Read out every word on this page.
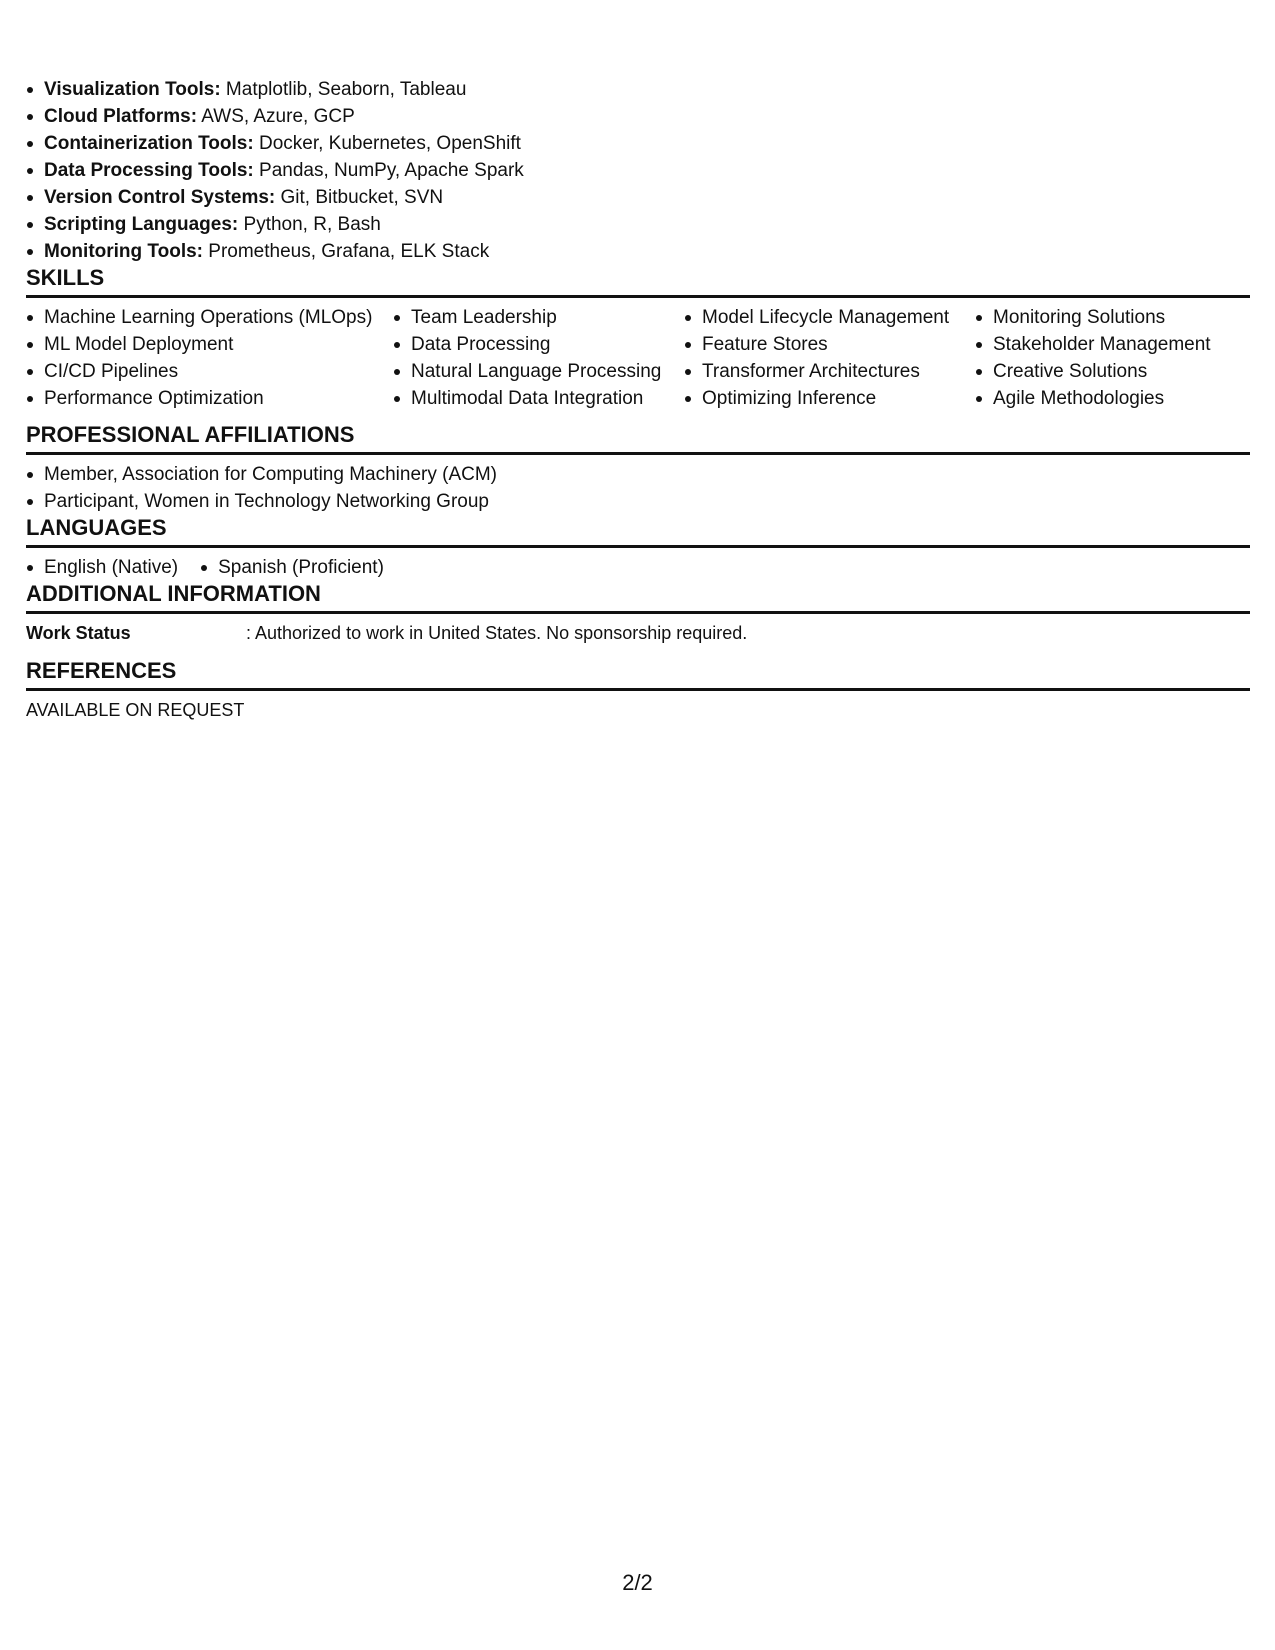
Visualization Tools: Matplotlib, Seaborn, Tableau
Cloud Platforms: AWS, Azure, GCP
Containerization Tools: Docker, Kubernetes, OpenShift
Data Processing Tools: Pandas, NumPy, Apache Spark
Version Control Systems: Git, Bitbucket, SVN
Scripting Languages: Python, R, Bash
Monitoring Tools: Prometheus, Grafana, ELK Stack
SKILLS
Machine Learning Operations (MLOps)
ML Model Deployment
CI/CD Pipelines
Performance Optimization
Team Leadership
Data Processing
Natural Language Processing
Multimodal Data Integration
Model Lifecycle Management
Feature Stores
Transformer Architectures
Optimizing Inference
Monitoring Solutions
Stakeholder Management
Creative Solutions
Agile Methodologies
PROFESSIONAL AFFILIATIONS
Member, Association for Computing Machinery (ACM)
Participant, Women in Technology Networking Group
LANGUAGES
English (Native)	Spanish (Proficient)
ADDITIONAL INFORMATION
Work Status	: Authorized to work in United States. No sponsorship required.
REFERENCES
AVAILABLE ON REQUEST
2/2
